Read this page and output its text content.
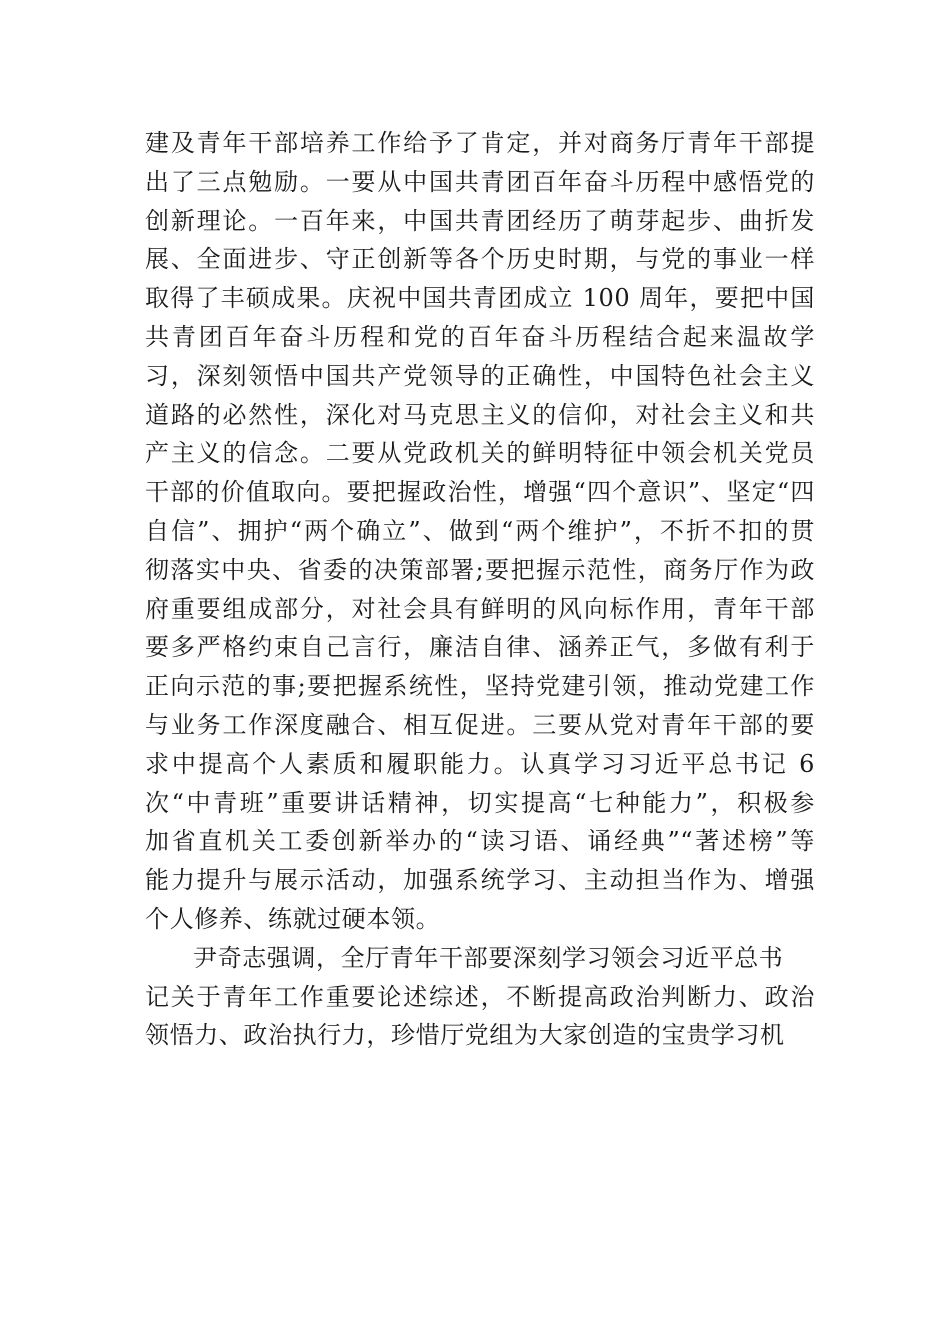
建及青年干部培养工作给予了肯定，并对商务厅青年干部提
出了三点勉励。一要从中国共青团百年奋斗历程中感悟党的
创新理论。一百年来，中国共青团经历了萌芽起步、曲折发
展、全面进步、守正创新等各个历史时期，与党的事业一样
取得了丰硕成果。庆祝中国共青团成立 100 周年，要把中国
共青团百年奋斗历程和党的百年奋斗历程结合起来温故学
习，深刻领悟中国共产党领导的正确性，中国特色社会主义
道路的必然性，深化对马克思主义的信仰，对社会主义和共
产主义的信念。二要从党政机关的鲜明特征中领会机关党员
干部的价值取向。要把握政治性，增强“四个意识”、坚定“四
自信”、拥护“两个确立”、做到“两个维护”，不折不扣的贯
彻落实中央、省委的决策部署;要把握示范性，商务厅作为政
府重要组成部分，对社会具有鲜明的风向标作用，青年干部
要多严格约束自己言行，廉洁自律、涵养正气，多做有利于
正向示范的事;要把握系统性，坚持党建引领，推动党建工作
与业务工作深度融合、相互促进。三要从党对青年干部的要
求中提高个人素质和履职能力。认真学习习近平总书记 6
次“中青班”重要讲话精神，切实提高“七种能力”，积极参
加省直机关工委创新举办的“读习语、诵经典”“著述榜”等
能力提升与展示活动，加强系统学习、主动担当作为、增强
个人修养、练就过硬本领。
尹奇志强调，全厅青年干部要深刻学习领会习近平总书
记关于青年工作重要论述综述，不断提高政治判断力、政治
领悟力、政治执行力，珍惜厅党组为大家创造的宝贵学习机
